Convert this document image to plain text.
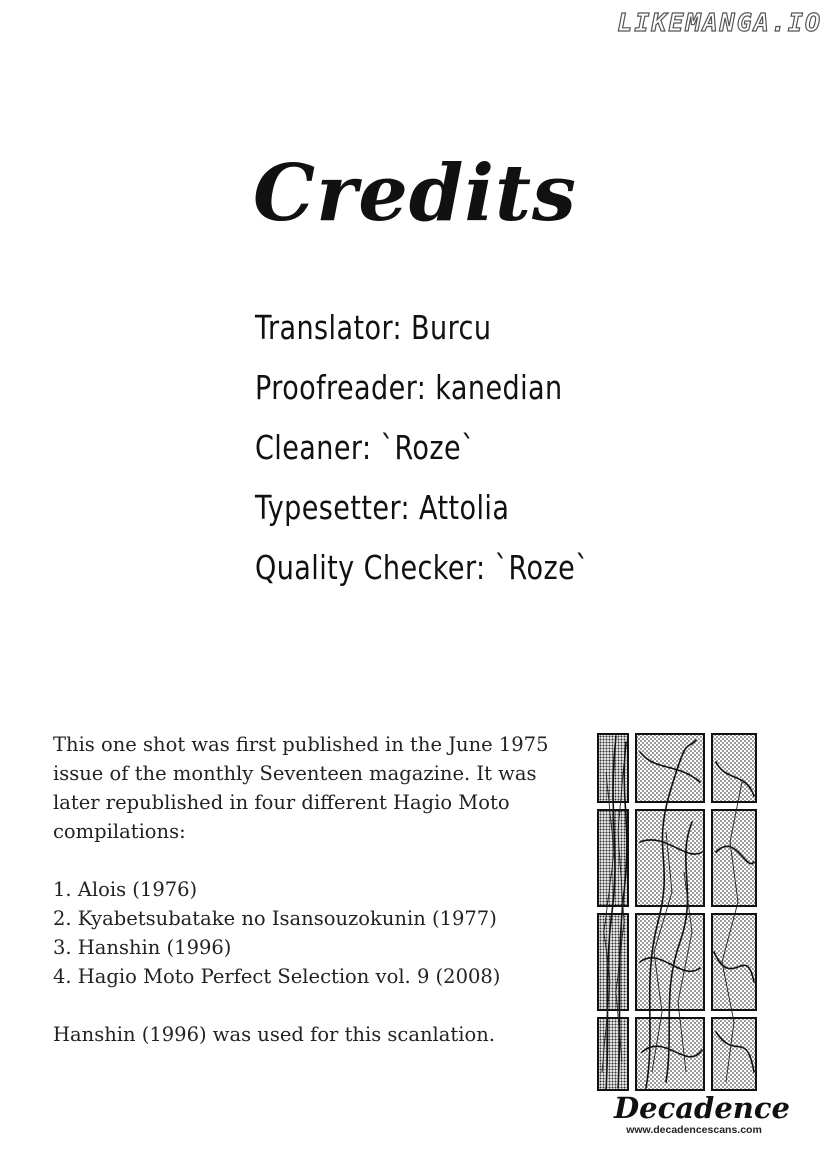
LIKEMANGA.IO
Credits
Translator: Burcu
Proofreader: kanedian
Cleaner: `Roze`
Typesetter: Attolia
Quality Checker: `Roze`

This one shot was first published in the June 1975

issue of the monthly Seventeen magazine. It was

later republished in four different Hagio Moto

compilations:

1. Alois (1976)
2. Kyabetsubatake no Isansouzokunin (1977)
3. Hanshin (1996)
4. Hagio Moto Perfect Selection vol. 9 (2008)

Hanshin (1996) was used for this scanlation.

Decadence
www.decadencescans.com
